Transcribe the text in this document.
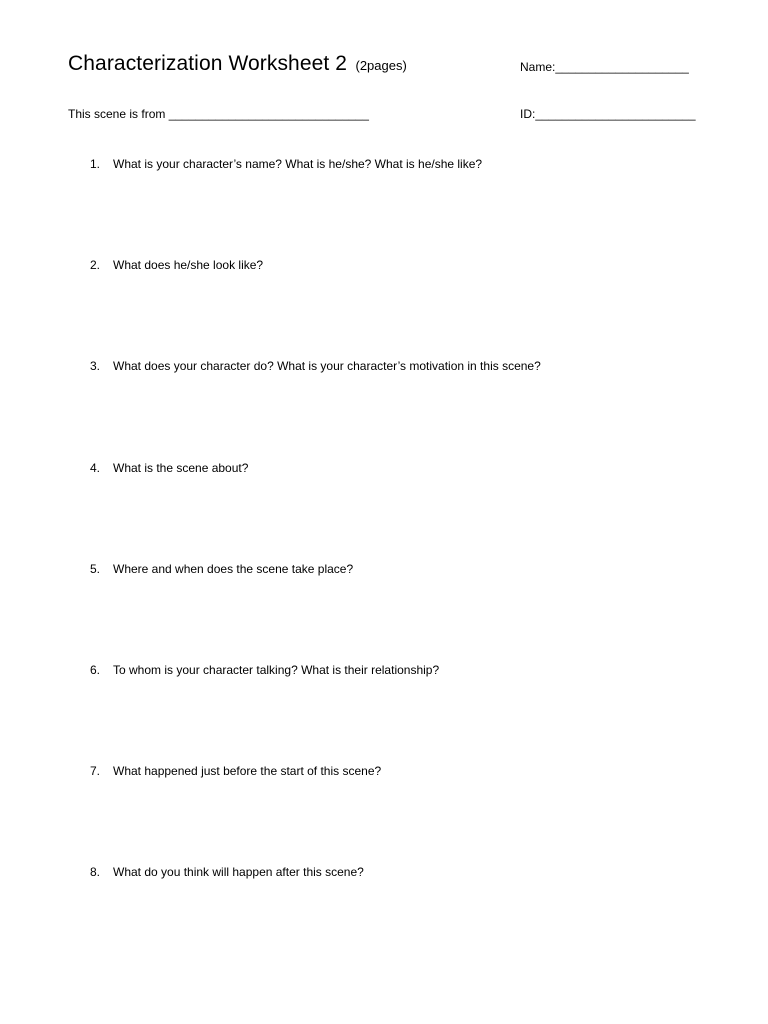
Characterization Worksheet 2 (2pages)	Name:____________________
This scene is from ______________________________	ID:________________________
1. What is your character’s name? What is he/she? What is he/she like?
2. What does he/she look like?
3. What does your character do? What is your character’s motivation in this scene?
4. What is the scene about?
5. Where and when does the scene take place?
6. To whom is your character talking? What is their relationship?
7. What happened just before the start of this scene?
8. What do you think will happen after this scene?
